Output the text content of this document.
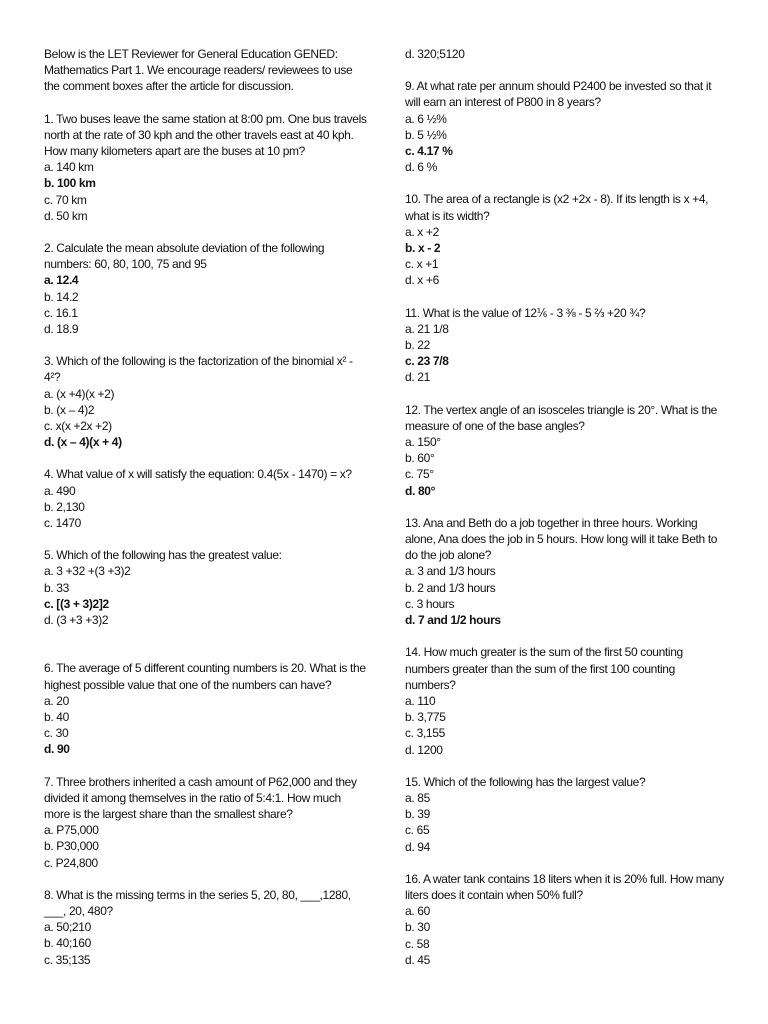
Below is the LET Reviewer for General Education GENED: Mathematics Part 1. We encourage readers/ reviewees to use the comment boxes after the article for discussion.

1. Two buses leave the same station at 8:00 pm. One bus travels north at the rate of 30 kph and the other travels east at 40 kph. How many kilometers apart are the buses at 10 pm?

a. 140 km

b. 100 km

c. 70 km

d. 50 km

2. Calculate the mean absolute deviation of the following numbers: 60, 80, 100, 75 and 95

a. 12.4

b. 14.2

c. 16.1

d. 18.9

3. Which of the following is the factorization of the binomial x² - 4²?

a. (x +4)(x +2)

b. (x – 4)2

c. x(x +2x +2)

d. (x – 4)(x + 4)

4. What value of x will satisfy the equation: 0.4(5x - 1470) = x?

a. 490

b. 2,130

c. 1470

5. Which of the following has the greatest value:

a. 3 +32 +(3 +3)2

b. 33

c. [(3 + 3)2]2

d. (3 +3 +3)2

6. The average of 5 different counting numbers is 20. What is the highest possible value that one of the numbers can have?

a. 20

b. 40

c. 30

d. 90

7. Three brothers inherited a cash amount of P62,000 and they divided it among themselves in the ratio of 5:4:1. How much more is the largest share than the smallest share?

a. P75,000

b. P30,000

c. P24,800

8. What is the missing terms in the series 5, 20, 80, ___,1280, ___, 20, 480?

a. 50;210

b. 40;160

c. 35;135

d. 320;5120

9. At what rate per annum should P2400 be invested so that it will earn an interest of P800 in 8 years?

a. 6 ½%

b. 5 ½%

c. 4.17 %

d. 6 %

10. The area of a rectangle is (x2 +2x - 8). If its length is x +4, what is its width?

a. x +2

b. x - 2

c. x +1

d. x +6

11. What is the value of 12⅙ - 3 ⅜ - 5 ⅔ +20 ¾?

a. 21 1/8

b. 22

c. 23 7/8

d. 21

12. The vertex angle of an isosceles triangle is 20°. What is the measure of one of the base angles?

a. 150°

b. 60°

c. 75°

d. 80°

13. Ana and Beth do a job together in three hours. Working alone, Ana does the job in 5 hours. How long will it take Beth to do the job alone?

a. 3 and 1/3 hours

b. 2 and 1/3 hours

c. 3 hours

d. 7 and 1/2 hours

14. How much greater is the sum of the first 50 counting numbers greater than the sum of the first 100 counting numbers?

a. 110

b. 3,775

c. 3,155

d. 1200

15. Which of the following has the largest value?

a. 85

b. 39

c. 65

d. 94

16. A water tank contains 18 liters when it is 20% full. How many liters does it contain when 50% full?

a. 60

b. 30

c. 58

d. 45
